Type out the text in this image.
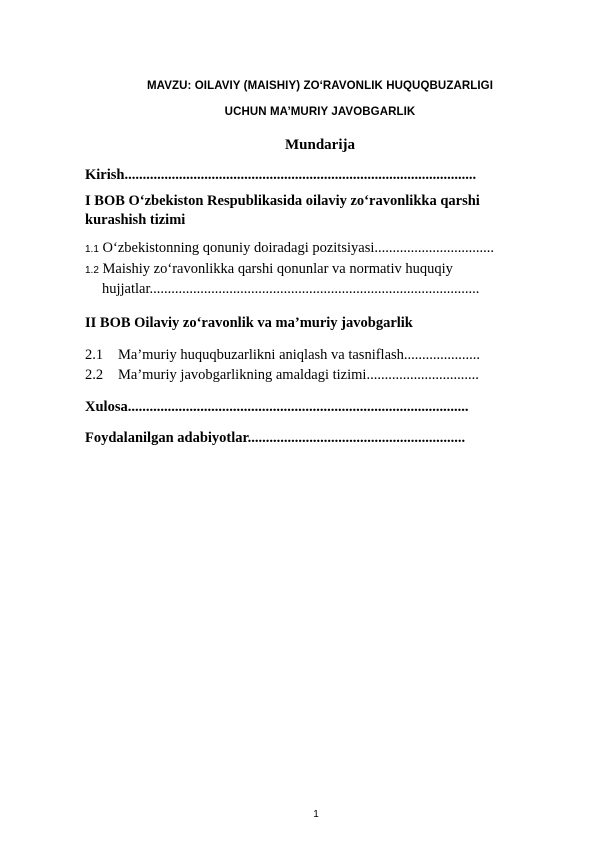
MAVZU: OILAVIY (MAISHIY) ZO‘RAVONLIK HUQUQBUZARLIGI
UCHUN MA’MURIY JAVOBGARLIK
Mundarija
Kirish.................................................................................................
I BOB O‘zbekiston Respublikasida oilaviy zo‘ravonlikka qarshi
kurashish tizimi
1.1 O‘zbekistonning qonuniy doiradagi pozitsiyasi.................................
1.2 Maishiy zo‘ravonlikka qarshi qonunlar va normativ huquqiy
hujjatlar...........................................................................................
II BOB Oilaviy zo‘ravonlik va ma’muriy javobgarlik
2.1 Ma’muriy huquqbuzarlikni aniqlash va tasniflash.....................
2.2 Ma’muriy javobgarlikning amaldagi tizimi...............................
Xulosa..............................................................................................
Foydalanilgan adabiyotlar............................................................
1
